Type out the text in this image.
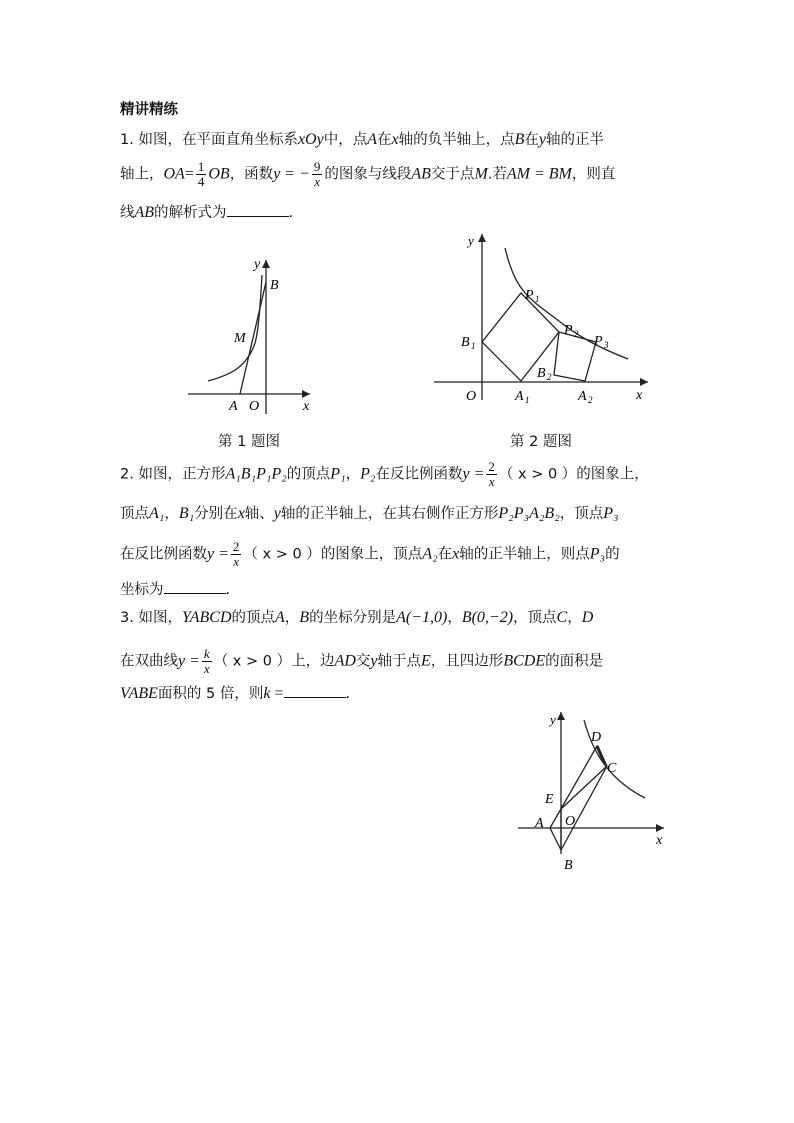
精讲精练
1. 如图，在平面直角坐标系xOy中，点A在x轴的负半轴上，点B在y轴的正半
轴上，$OA= \frac{1}{4}$ OB，函数y = − $\frac{9}{x}$ 的图象与线段AB交于点M.若AM = BM，则直
线AB的解析式为	.
y
B
M
A O	x
第 1 题图
y
P 1
P 2 P 3
B 1
B 2
O	A 1	A 2	x
第 2 题图
2. 如图，正方形A₁B₁P₁P₂的顶点P₁，P₂在反比例函数$y = \frac{2}{x}$ （ x > 0 ）的图象上，
顶点A₁，B₁分别在x轴、y轴的正半轴上，在其右侧作正方形P₂P₃A₂B₂，顶点P₃
在反比例函数$y = \frac{2}{x}$ （ x > 0 ）的图象上，顶点A₂在x轴的正半轴上，则点P₃的
坐标为	.
3. 如图，YABCD的顶点A，B的坐标分别是A(−1,0)，B(0,−2)，顶点C，D
在双曲线$y = \frac{k}{x}$ （ x > 0 ）上，边AD交y轴于点E，且四边形BCDE的面积是
VABE面积的 5 倍，则k =	.
y
D
C
E
A O
x
B
